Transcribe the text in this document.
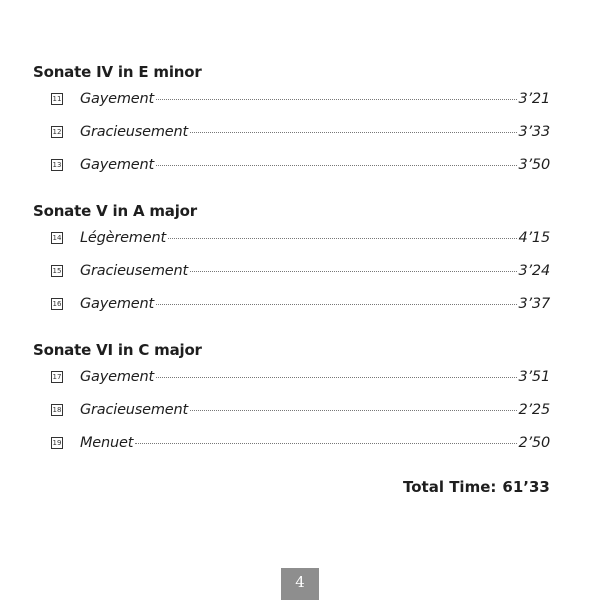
Sonate IV in E minor
11 Gayement	3’21
12 Gracieusement	3’33
13 Gayement	3’50
Sonate V in A major
14 Légèrement	4’15
15 Gracieusement	3’24
16 Gayement	3’37
Sonate VI in C major
17 Gayement	3’51
18 Gracieusement	2’25
19 Menuet	2’50
Total Time: 61’33
4
